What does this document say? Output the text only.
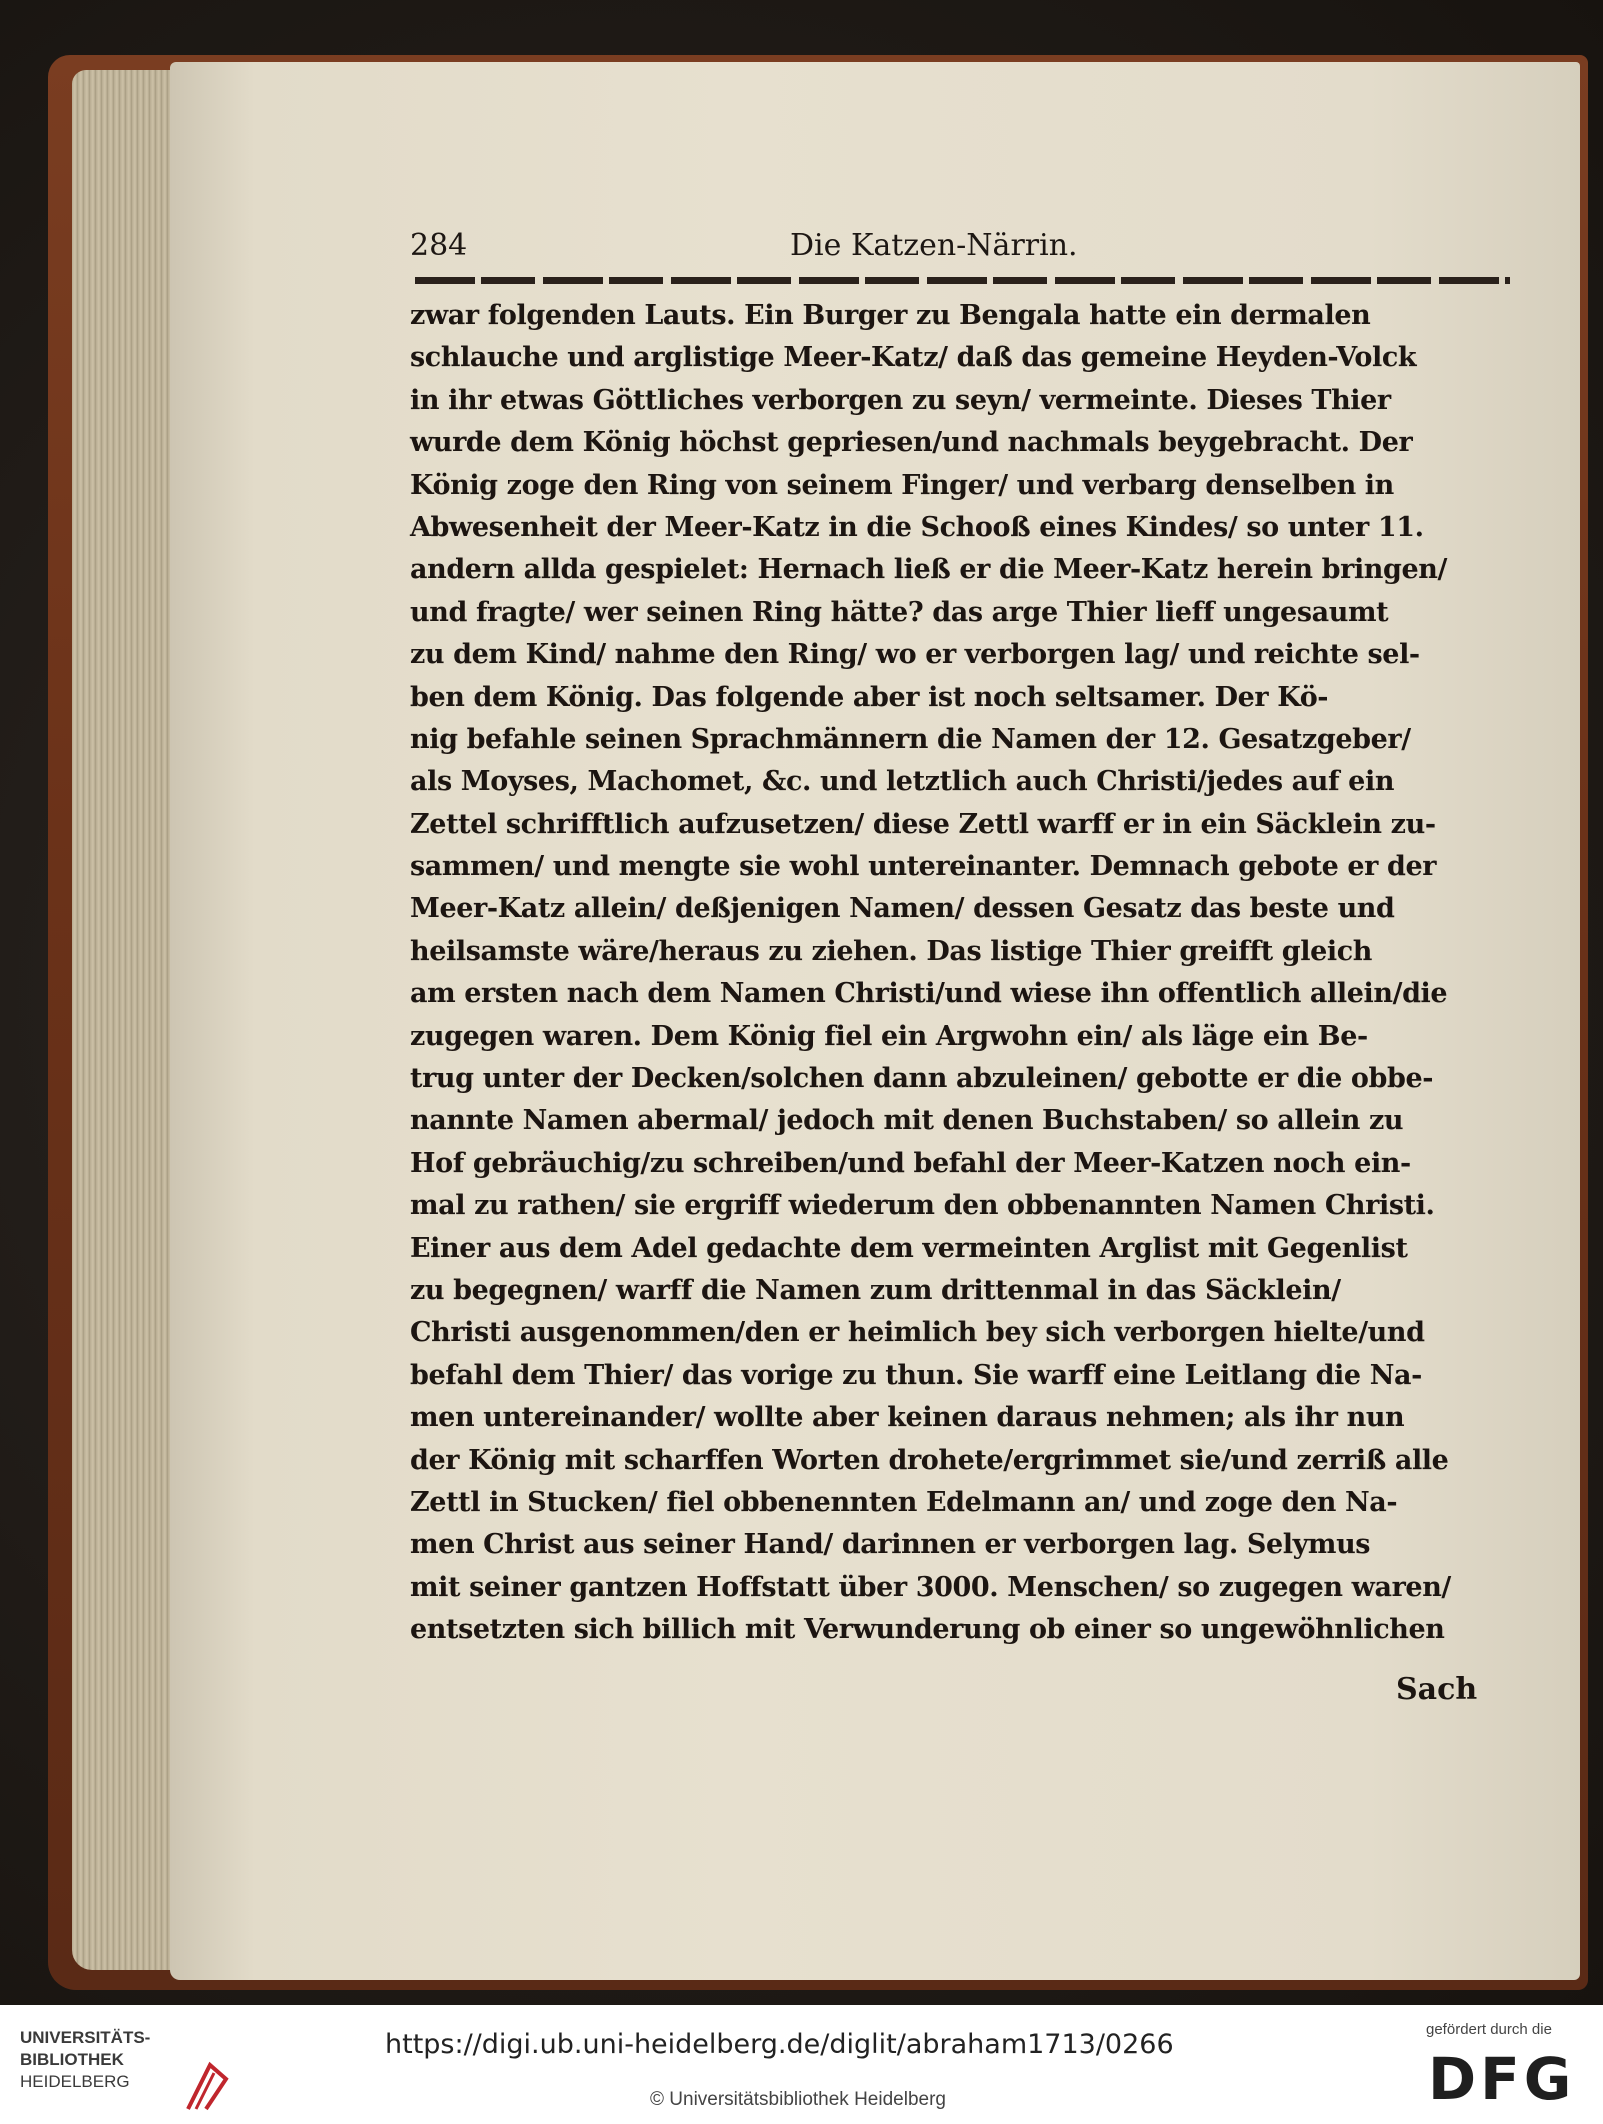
284	Die Katzen-Närrin.
zwar folgenden Lauts. Ein Burger zu Bengala hatte ein dermalen
schlauche und arglistige Meer-Katz/ daß das gemeine Heyden-Volck
in ihr etwas Göttliches verborgen zu seyn/ vermeinte. Dieses Thier
wurde dem König höchst gepriesen/und nachmals beygebracht. Der
König zoge den Ring von seinem Finger/ und verbarg denselben in
Abwesenheit der Meer-Katz in die Schooß eines Kindes/ so unter 11.
andern allda gespielet: Hernach ließ er die Meer-Katz herein bringen/
und fragte/ wer seinen Ring hätte? das arge Thier lieff ungesaumt
zu dem Kind/ nahme den Ring/ wo er verborgen lag/ und reichte sel-
ben dem König. Das folgende aber ist noch seltsamer. Der Kö-
nig befahle seinen Sprachmännern die Namen der 12. Gesatzgeber/
als Moyses, Machomet, &c. und letztlich auch Christi/jedes auf ein
Zettel schrifftlich aufzusetzen/ diese Zettl warff er in ein Säcklein zu-
sammen/ und mengte sie wohl untereinanter. Demnach gebote er der
Meer-Katz allein/ deßjenigen Namen/ dessen Gesatz das beste und
heilsamste wäre/heraus zu ziehen. Das listige Thier greifft gleich
am ersten nach dem Namen Christi/und wiese ihn offentlich allein/die
zugegen waren. Dem König fiel ein Argwohn ein/ als läge ein Be-
trug unter der Decken/solchen dann abzuleinen/ gebotte er die obbe-
nannte Namen abermal/ jedoch mit denen Buchstaben/ so allein zu
Hof gebräuchig/zu schreiben/und befahl der Meer-Katzen noch ein-
mal zu rathen/ sie ergriff wiederum den obbenannten Namen Christi.
Einer aus dem Adel gedachte dem vermeinten Arglist mit Gegenlist
zu begegnen/ warff die Namen zum drittenmal in das Säcklein/
Christi ausgenommen/den er heimlich bey sich verborgen hielte/und
befahl dem Thier/ das vorige zu thun. Sie warff eine Leitlang die Na-
men untereinander/ wollte aber keinen daraus nehmen; als ihr nun
der König mit scharffen Worten drohete/ergrimmet sie/und zerriß alle
Zettl in Stucken/ fiel obbenennten Edelmann an/ und zoge den Na-
men Christ aus seiner Hand/ darinnen er verborgen lag. Selymus
mit seiner gantzen Hoffstatt über 3000. Menschen/ so zugegen waren/
entsetzten sich billich mit Verwunderung ob einer so ungewöhnlichen
Sach
UNIVERSITÄTS-
BIBLIOTHEK
HEIDELBERG
https://digi.ub.uni-heidelberg.de/diglit/abraham1713/0266
© Universitätsbibliothek Heidelberg
gefördert durch die
DFG
